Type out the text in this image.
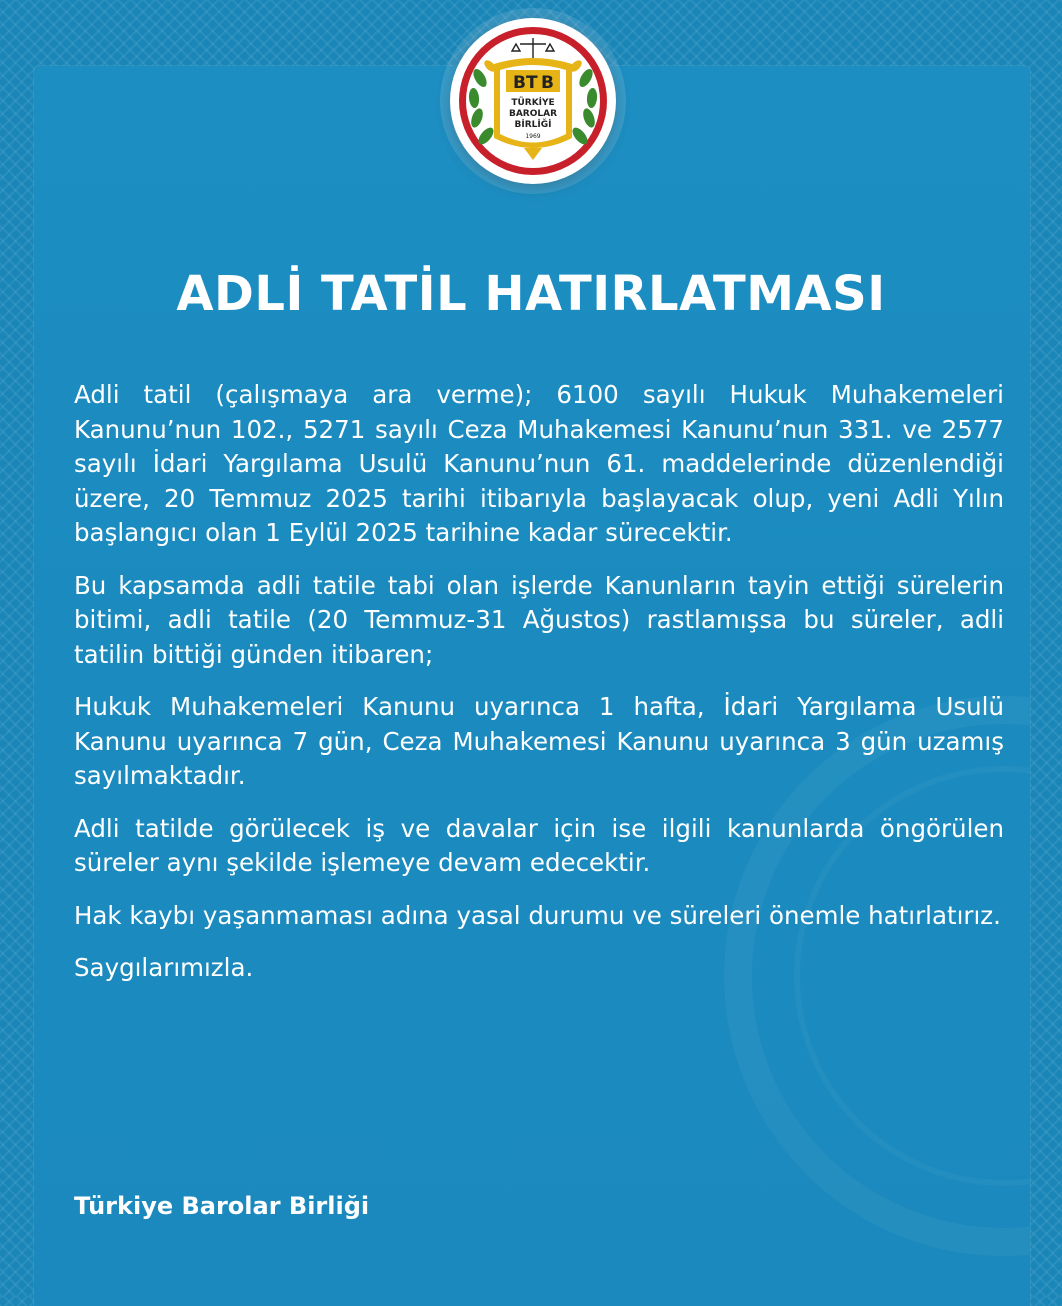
B T B
TÜRKİYE
BAROLAR
BİRLİĞİ
1969
ADLİ TATİL HATIRLATMASI

Adli tatil (çalışmaya ara verme); 6100 sayılı Hukuk Muhakemeleri Kanunu’nun 102., 5271 sayılı Ceza Muhakemesi Kanunu’nun 331. ve 2577 sayılı İdari Yargılama Usulü Kanunu’nun 61. maddelerinde düzenlendiği üzere, 20 Temmuz 2025 tarihi itibarıyla başlayacak olup, yeni Adli Yılın başlangıcı olan 1 Eylül 2025 tarihine kadar sürecektir.

Bu kapsamda adli tatile tabi olan işlerde Kanunların tayin ettiği sürelerin bitimi, adli tatile (20 Temmuz-31 Ağustos) rastlamışsa bu süreler, adli tatilin bittiği günden itibaren;

Hukuk Muhakemeleri Kanunu uyarınca 1 hafta, İdari Yargılama Usulü Kanunu uyarınca 7 gün, Ceza Muhakemesi Kanunu uyarınca 3 gün uzamış sayılmaktadır.

Adli tatilde görülecek iş ve davalar için ise ilgili kanunlarda öngörülen süreler aynı şekilde işlemeye devam edecektir.

Hak kaybı yaşanmaması adına yasal durumu ve süreleri önemle hatırlatırız.

Saygılarımızla.

Türkiye Barolar Birliği
